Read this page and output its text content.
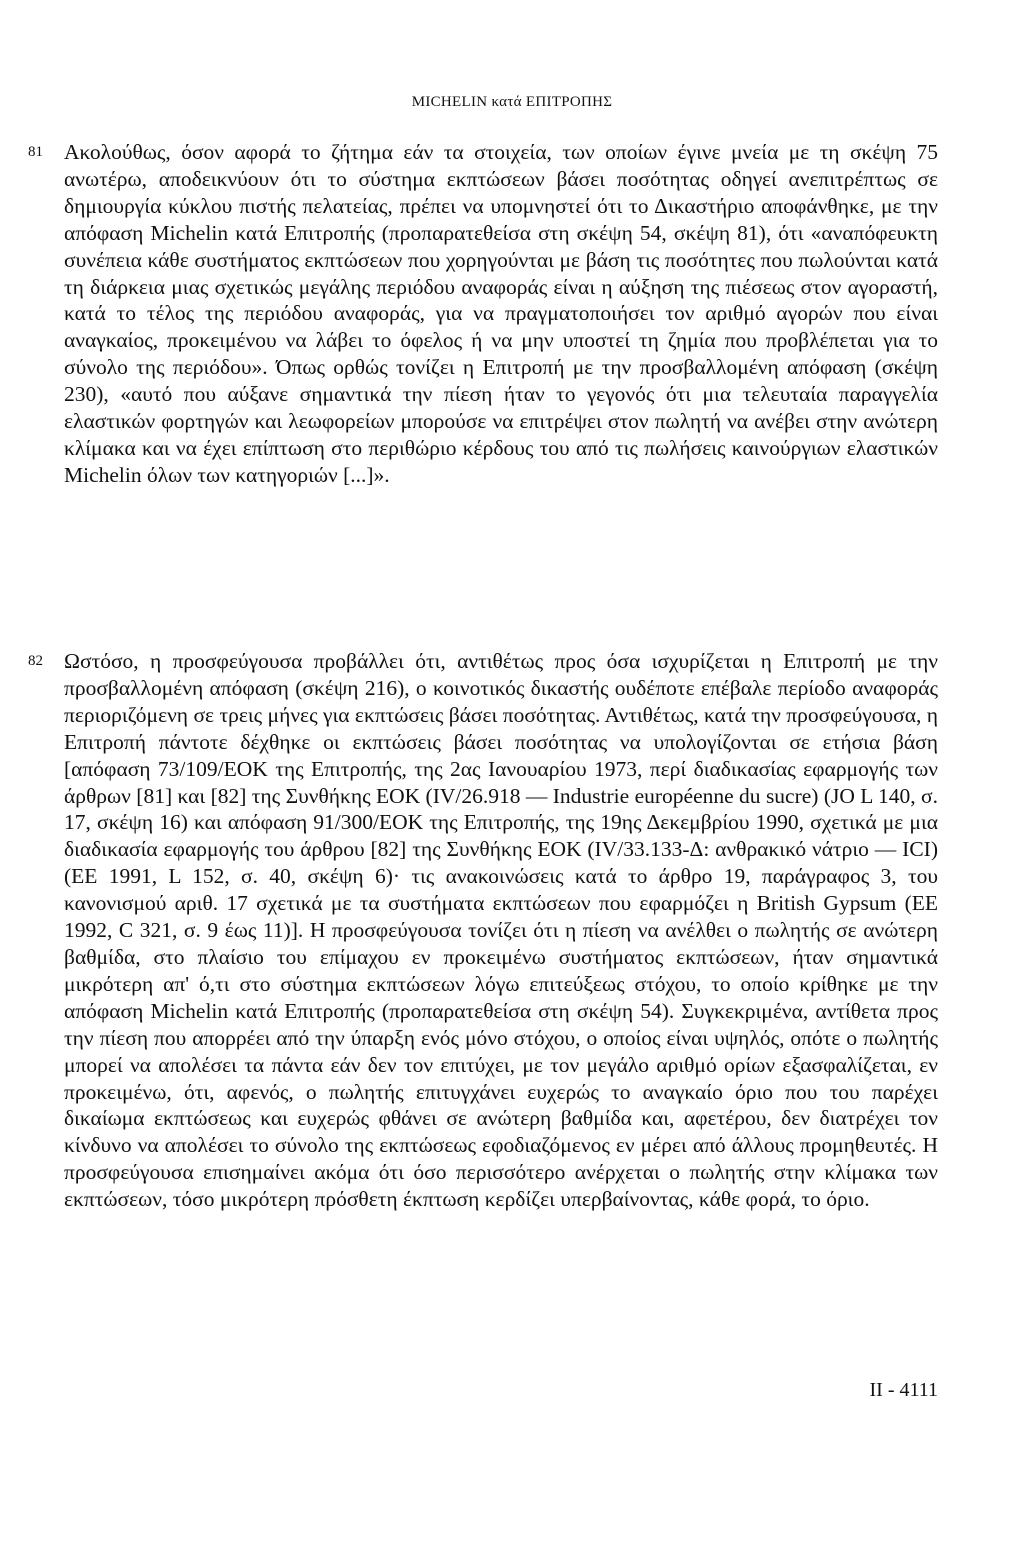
MICHELIN κατά ΕΠΙΤΡΟΠΗΣ
81 Ακολούθως, όσον αφορά το ζήτημα εάν τα στοιχεία, των οποίων έγινε μνεία με τη σκέψη 75 ανωτέρω, αποδεικνύουν ότι το σύστημα εκπτώσεων βάσει ποσότητας οδηγεί ανεπιτρέπτως σε δημιουργία κύκλου πιστής πελατείας, πρέπει να υπομνηστεί ότι το Δικαστήριο αποφάνθηκε, με την απόφαση Michelin κατά Επιτροπής (προπαρατεθείσα στη σκέψη 54, σκέψη 81), ότι «αναπόφευκτη συνέπεια κάθε συστήματος εκπτώσεων που χορηγούνται με βάση τις ποσότητες που πωλούνται κατά τη διάρκεια μιας σχετικώς μεγάλης περιόδου αναφοράς είναι η αύξηση της πιέσεως στον αγοραστή, κατά το τέλος της περιόδου αναφοράς, για να πραγματοποιήσει τον αριθμό αγορών που είναι αναγκαίος, προκειμένου να λάβει το όφελος ή να μην υποστεί τη ζημία που προβλέπεται για το σύνολο της περιόδου». Όπως ορθώς τονίζει η Επιτροπή με την προσβαλλομένη απόφαση (σκέψη 230), «αυτό που αύξανε σημαντικά την πίεση ήταν το γεγονός ότι μια τελευταία παραγγελία ελαστικών φορτηγών και λεωφορείων μπορούσε να επιτρέψει στον πωλητή να ανέβει στην ανώτερη κλίμακα και να έχει επίπτωση στο περιθώριο κέρδους του από τις πωλήσεις καινούργιων ελαστικών Michelin όλων των κατηγοριών [...]».

82 Ωστόσο, η προσφεύγουσα προβάλλει ότι, αντιθέτως προς όσα ισχυρίζεται η Επιτροπή με την προσβαλλομένη απόφαση (σκέψη 216), ο κοινοτικός δικαστής ουδέποτε επέβαλε περίοδο αναφοράς περιοριζόμενη σε τρεις μήνες για εκπτώσεις βάσει ποσότητας. Αντιθέτως, κατά την προσφεύγουσα, η Επιτροπή πάντοτε δέχθηκε οι εκπτώσεις βάσει ποσότητας να υπολογίζονται σε ετήσια βάση [απόφαση 73/109/ΕΟΚ της Επιτροπής, της 2ας Ιανουαρίου 1973, περί διαδικασίας εφαρμογής των άρθρων [81] και [82] της Συνθήκης ΕΟΚ (IV/26.918 — Industrie européenne du sucre) (JO L 140, σ. 17, σκέψη 16) και απόφαση 91/300/ΕΟΚ της Επιτροπής, της 19ης Δεκεμβρίου 1990, σχετικά με μια διαδικασία εφαρμογής του άρθρου [82] της Συνθήκης ΕΟΚ (IV/33.133-Δ: ανθρακικό νάτριο — ICI) (ΕΕ 1991, L 152, σ. 40, σκέψη 6)· τις ανακοινώσεις κατά το άρθρο 19, παράγραφος 3, του κανονισμού αριθ. 17 σχετικά με τα συστήματα εκπτώσεων που εφαρμόζει η British Gypsum (ΕΕ 1992, C 321, σ. 9 έως 11)]. Η προσφεύγουσα τονίζει ότι η πίεση να ανέλθει ο πωλητής σε ανώτερη βαθμίδα, στο πλαίσιο του επίμαχου εν προκειμένω συστήματος εκπτώσεων, ήταν σημαντικά μικρότερη απ' ό,τι στο σύστημα εκπτώσεων λόγω επιτεύξεως στόχου, το οποίο κρίθηκε με την απόφαση Michelin κατά Επιτροπής (προπαρατεθείσα στη σκέψη 54). Συγκεκριμένα, αντίθετα προς την πίεση που απορρέει από την ύπαρξη ενός μόνο στόχου, ο οποίος είναι υψηλός, οπότε ο πωλητής μπορεί να απολέσει τα πάντα εάν δεν τον επιτύχει, με τον μεγάλο αριθμό ορίων εξασφαλίζεται, εν προκειμένω, ότι, αφενός, ο πωλητής επιτυγχάνει ευχερώς το αναγκαίο όριο που του παρέχει δικαίωμα εκπτώσεως και ευχερώς φθάνει σε ανώτερη βαθμίδα και, αφετέρου, δεν διατρέχει τον κίνδυνο να απολέσει το σύνολο της εκπτώσεως εφοδιαζόμενος εν μέρει από άλλους προμηθευτές. Η προσφεύγουσα επισημαίνει ακόμα ότι όσο περισσότερο ανέρχεται ο πωλητής στην κλίμακα των εκπτώσεων, τόσο μικρότερη πρόσθετη έκπτωση κερδίζει υπερβαίνοντας, κάθε φορά, το όριο.

II - 4111
